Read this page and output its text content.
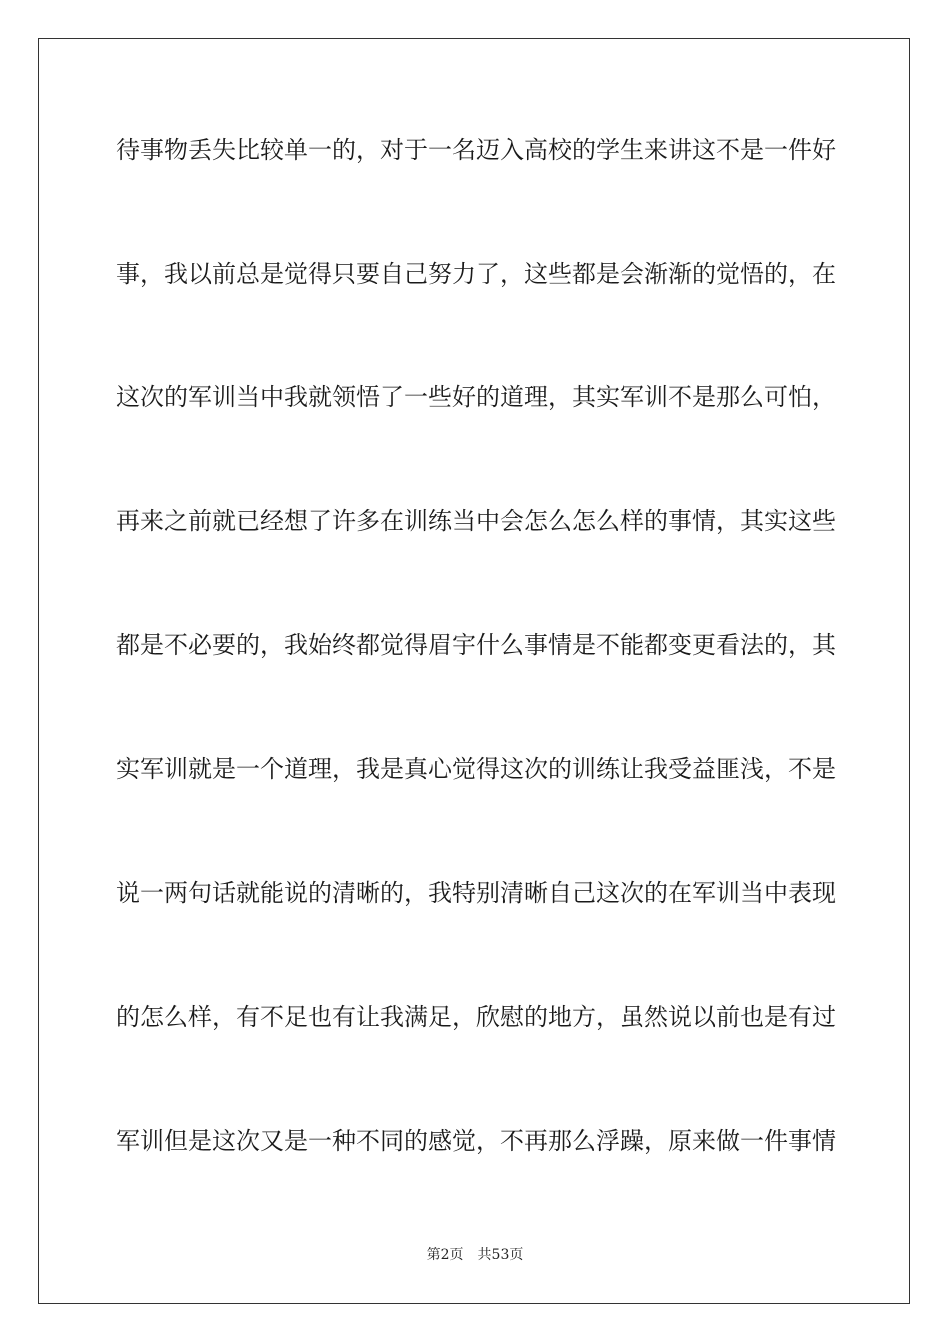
待事物丢失比较单一的，对于一名迈入高校的学生来讲这不是一件好
事，我以前总是觉得只要自己努力了，这些都是会渐渐的觉悟的，在
这次的军训当中我就领悟了一些好的道理，其实军训不是那么可怕，
再来之前就已经想了许多在训练当中会怎么怎么样的事情，其实这些
都是不必要的，我始终都觉得眉宇什么事情是不能都变更看法的，其
实军训就是一个道理，我是真心觉得这次的训练让我受益匪浅，不是
说一两句话就能说的清晰的，我特别清晰自己这次的在军训当中表现
的怎么样，有不足也有让我满足，欣慰的地方，虽然说以前也是有过
军训但是这次又是一种不同的感觉，不再那么浮躁，原来做一件事情
第2页 共53页
